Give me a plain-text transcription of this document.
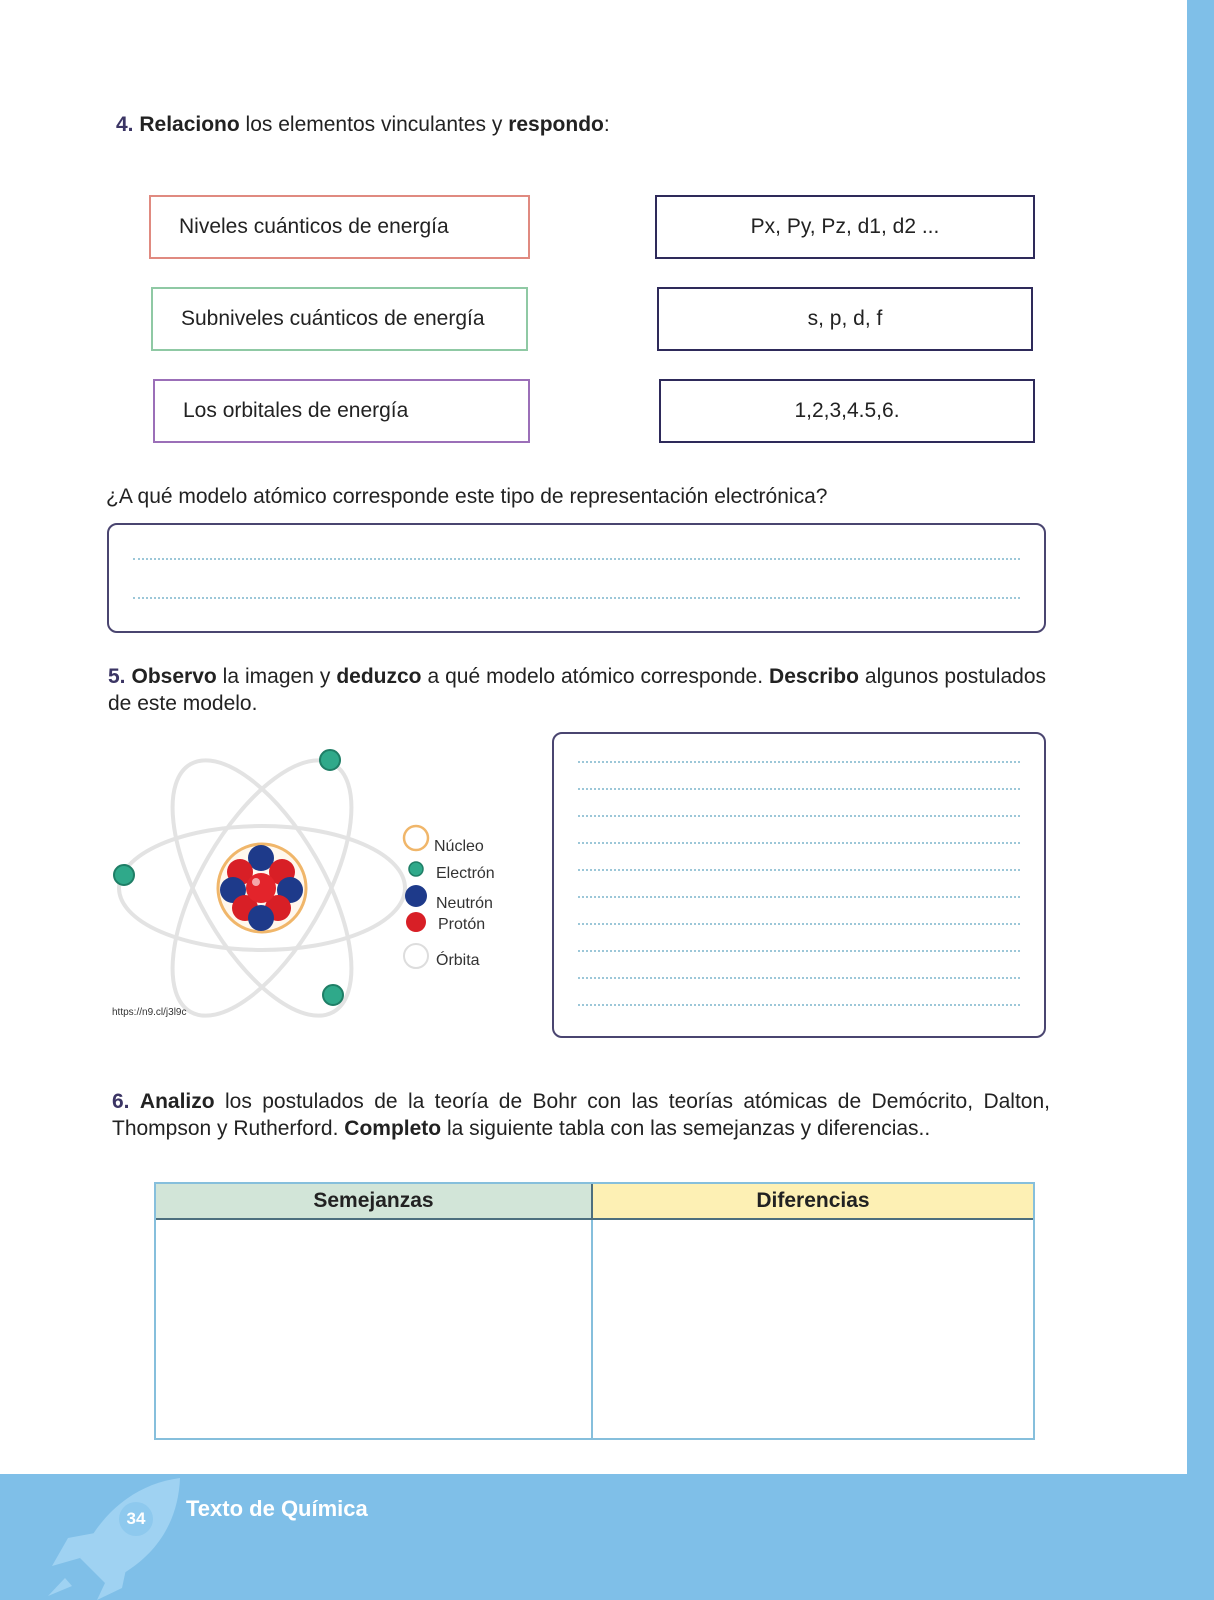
4. Relaciono los elementos vinculantes y respondo:
Niveles cuánticos de energía
Subniveles cuánticos de energía
Los orbitales de energía
Px, Py, Pz, d1, d2 ...
s, p, d, f
1,2,3,4.5,6.
¿A qué modelo atómico corresponde este tipo de representación electrónica?
5. Observo la imagen y deduzco a qué modelo atómico corresponde. Describo algunos postulados de este modelo.
Núcleo
Electrón
Neutrón
Protón
Órbita
https://n9.cl/j3l9c
6. Analizo los postulados de la teoría de Bohr con las teorías atómicas de Demócrito, Dalton, Thompson y Rutherford. Completo la siguiente tabla con las semejanzas y diferencias..
Semejanzas	Diferencias
34	Texto de Química
